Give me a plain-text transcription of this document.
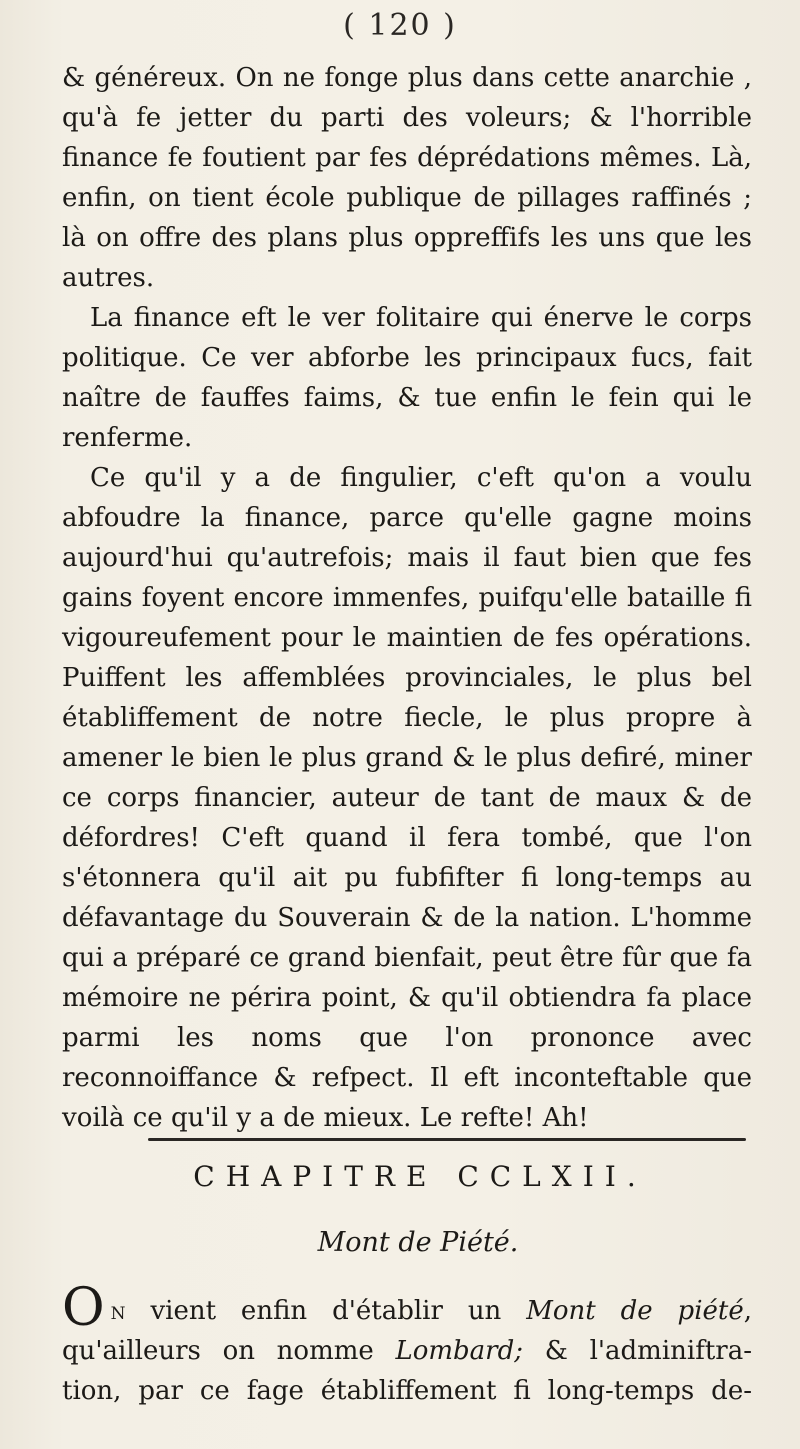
( 120 )

& généreux. On ne fonge plus dans cette anarchie , qu'à fe jetter du parti des voleurs; & l'horrible finance fe foutient par fes déprédations mêmes. Là, enfin, on tient école publique de pillages raffinés ; là on offre des plans plus oppreffifs les uns que les autres.

La finance eft le ver folitaire qui énerve le corps politique. Ce ver abforbe les principaux fucs, fait naître de fauffes faims, & tue enfin le fein qui le renferme.

Ce qu'il y a de fingulier, c'eft qu'on a voulu abfoudre la finance, parce qu'elle gagne moins aujourd'hui qu'autrefois; mais il faut bien que fes gains foyent encore immenfes, puifqu'elle bataille fi vigoureufement pour le maintien de fes opérations. Puiffent les affemblées provinciales, le plus bel établiffement de notre fiecle, le plus propre à amener le bien le plus grand & le plus defiré, miner ce corps financier, auteur de tant de maux & de défordres! C'eft quand il fera tombé, que l'on s'étonnera qu'il ait pu fubfifter fi long-temps au défavantage du Souverain & de la nation. L'homme qui a préparé ce grand bienfait, peut être fûr que fa mémoire ne périra point, & qu'il obtiendra fa place parmi les noms que l'on prononce avec reconnoiffance & refpect. Il eft inconteftable que voilà ce qu'il y a de mieux. Le refte! Ah!

CHAPITRE CCLXII.
Mont de Piété.
On vient enfin d'établir un Mont de piété,
qu'ailleurs on nomme Lombard; & l'adminiftra-
tion, par ce fage établiffement fi long-temps de-
